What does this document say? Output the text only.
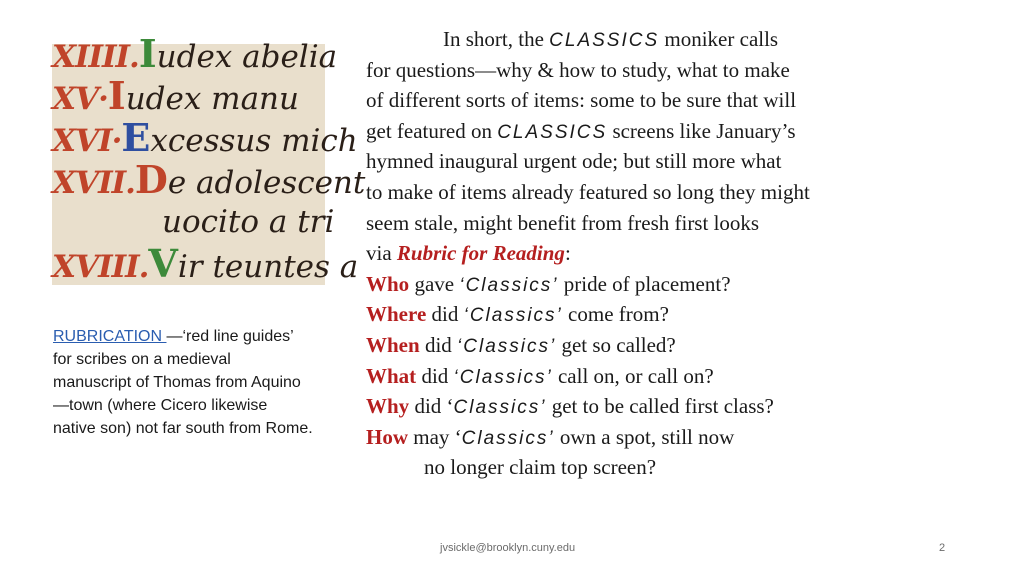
XIIII.Iudex abelia
XV·Iudex manu
XVI·Excessus mich
XVII.De adolescent
uocito a tri
XVIII.Vir teuntes a
RUBRICATION —‘red line guides’ for scribes on a medieval manuscript of Thomas from Aquino—town (where Cicero likewise native son) not far south from Rome.
In short, the CLASSICS moniker calls
for questions—why & how to study, what to make
of different sorts of items: some to be sure that will
get featured on CLASSICS screens like January’s
hymned inaugural urgent ode; but still more what
to make of items already featured so long they might
seem stale, might benefit from fresh first looks
via Rubric for Reading:
Who gave ‘Classics’ pride of placement?
Where did ‘Classics’ come from?
When did ‘Classics’ get so called?
What did ‘Classics’ call on, or call on?
Why did ‘Classics’ get to be called first class?
How may ‘Classics’ own a spot, still now
no longer claim top screen?
jvsickle@brooklyn.cuny.edu	2
